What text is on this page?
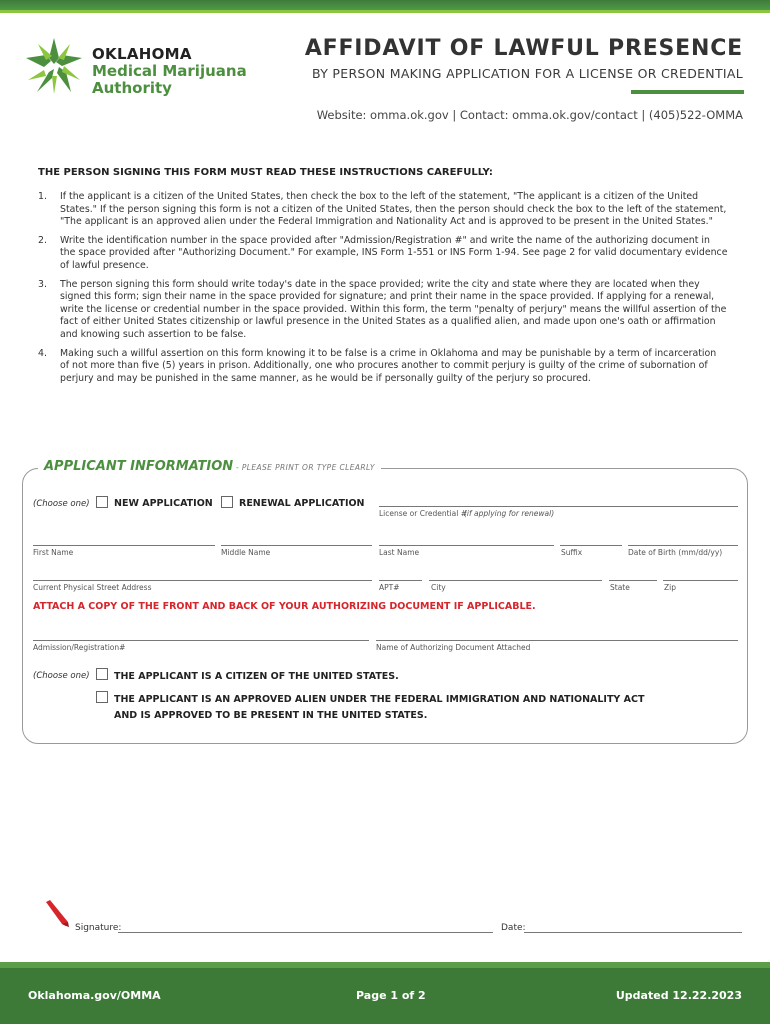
OKLAHOMA
Medical Marijuana
Authority
AFFIDAVIT OF LAWFUL PRESENCE
BY PERSON MAKING APPLICATION FOR A LICENSE OR CREDENTIAL
Website: omma.ok.gov | Contact: omma.ok.gov/contact | (405)522-OMMA
THE PERSON SIGNING THIS FORM MUST READ THESE INSTRUCTIONS CAREFULLY:
1.	If the applicant is a citizen of the United States, then check the box to the left of the statement, "The applicant is a citizen of the United States." If the person signing this form is not a citizen of the United States, then the person should check the box to the left of the statement, "The applicant is an approved alien under the Federal Immigration and Nationality Act and is approved to be present in the United States."
2.	Write the identification number in the space provided after "Admission/Registration #" and write the name of the authorizing document in the space provided after "Authorizing Document." For example, INS Form 1-551 or INS Form 1-94. See page 2 for valid documentary evidence of lawful presence.
3.	The person signing this form should write today's date in the space provided; write the city and state where they are located when they signed this form; sign their name in the space provided for signature; and print their name in the space provided. If applying for a renewal, write the license or credential number in the space provided. Within this form, the term "penalty of perjury" means the willful assertion of the fact of either United States citizenship or lawful presence in the United States as a qualified alien, and made upon one's oath or affirmation and knowing such assertion to be false.
4.	Making such a willful assertion on this form knowing it to be false is a crime in Oklahoma and may be punishable by a term of incarceration of not more than five (5) years in prison. Additionally, one who procures another to commit perjury is guilty of the crime of subornation of perjury and may be punished in the same manner, as he would be if personally guilty of the perjury so procured.
APPLICANT INFORMATION - PLEASE PRINT OR TYPE CLEARLY
(Choose one)	NEW APPLICATION	RENEWAL APPLICATION
License or Credential #
(if applying for renewal)
First Name	Middle Name	Last Name	Suffix	Date of Birth (mm/dd/yy)
Current Physical Street Address	APT#	City	State	Zip
ATTACH A COPY OF THE FRONT AND BACK OF YOUR AUTHORIZING DOCUMENT IF APPLICABLE.
Admission/Registration#	Name of Authorizing Document Attached
(Choose one)	THE APPLICANT IS A CITIZEN OF THE UNITED STATES.
THE APPLICANT IS AN APPROVED ALIEN UNDER THE FEDERAL IMMIGRATION AND NATIONALITY ACT
AND IS APPROVED TO BE PRESENT IN THE UNITED STATES.
Signature:	Date:
Oklahoma.gov/OMMA	Page 1 of 2	Updated 12.22.2023
